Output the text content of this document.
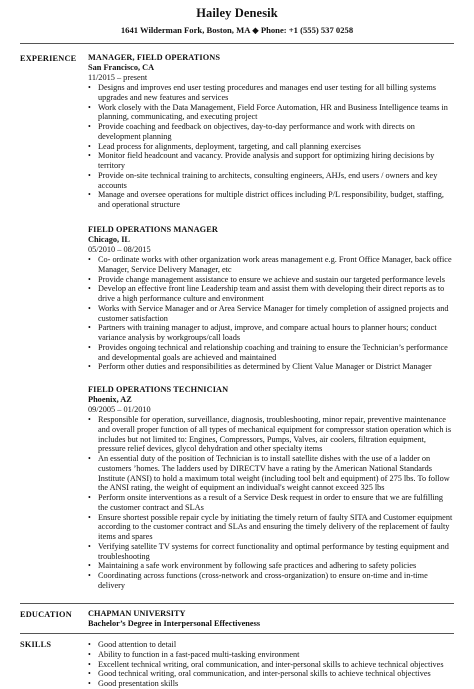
Hailey Denesik
1641 Wilderman Fork, Boston, MA ◆ Phone: +1 (555) 537 0258
EXPERIENCE MANAGER, FIELD OPERATIONS
San Francisco, CA
11/2015 – present
• Designs and improves end user testing procedures and manages end user testing for all billing systems upgrades and new features and services
• Work closely with the Data Management, Field Force Automation, HR and Business Intelligence teams in planning, communicating, and executing project
• Provide coaching and feedback on objectives, day-to-day performance and work with directs on development planning
• Lead process for alignments, deployment, targeting, and call planning exercises
• Monitor field headcount and vacancy. Provide analysis and support for optimizing hiring decisions by territory
• Provide on-site technical training to architects, consulting engineers, AHJs, end users / owners and key accounts
• Manage and oversee operations for multiple district offices including P/L responsibility, budget, staffing, and operational structure
FIELD OPERATIONS MANAGER
Chicago, IL
05/2010 – 08/2015
• Co- ordinate works with other organization work areas management e.g. Front Office Manager, back office Manager, Service Delivery Manager, etc
• Provide change management assistance to ensure we achieve and sustain our targeted performance levels
• Develop an effective front line Leadership team and assist them with developing their direct reports as to drive a high performance culture and environment
• Works with Service Manager and or Area Service Manager for timely completion of assigned projects and customer satisfaction
• Partners with training manager to adjust, improve, and compare actual hours to planner hours; conduct variance analysis by workgroups/call loads
• Provides ongoing technical and relationship coaching and training to ensure the Technician’s performance and developmental goals are achieved and maintained
• Perform other duties and responsibilities as determined by Client Value Manager or District Manager
FIELD OPERATIONS TECHNICIAN
Phoenix, AZ
09/2005 – 01/2010
• Responsible for operation, surveillance, diagnosis, troubleshooting, minor repair, preventive maintenance and overall proper function of all types of mechanical equipment for compressor station operation which is includes but not limited to: Engines, Compressors, Pumps, Valves, air coolers, filtration equipment, pressure relief devices, glycol dehydration and other specialty items
• An essential duty of the position of Technician is to install satellite dishes with the use of a ladder on customers ’homes. The ladders used by DIRECTV have a rating by the American National Standards Institute (ANSI) to hold a maximum total weight (including tool belt and equipment) of 275 lbs. To follow the ANSI rating, the weight of equipment an individual's weight cannot exceed 325 lbs
• Perform onsite interventions as a result of a Service Desk request in order to ensure that we are fulfilling the customer contract and SLAs
• Ensure shortest possible repair cycle by initiating the timely return of faulty SITA and Customer equipment according to the customer contract and SLAs and ensuring the timely delivery of the replacement of faulty items and spares
• Verifying satellite TV systems for correct functionality and optimal performance by testing equipment and troubleshooting
• Maintaining a safe work environment by following safe practices and adhering to safety policies
• Coordinating across functions (cross-network and cross-organization) to ensure on-time and in-time delivery
EDUCATION CHAPMAN UNIVERSITY
Bachelor’s Degree in Interpersonal Effectiveness
SKILLS	• Good attention to detail
• Ability to function in a fast-paced multi-tasking environment
• Excellent technical writing, oral communication, and inter-personal skills to achieve technical objectives
• Good technical writing, oral communication, and inter-personal skills to achieve technical objectives
• Good presentation skills
